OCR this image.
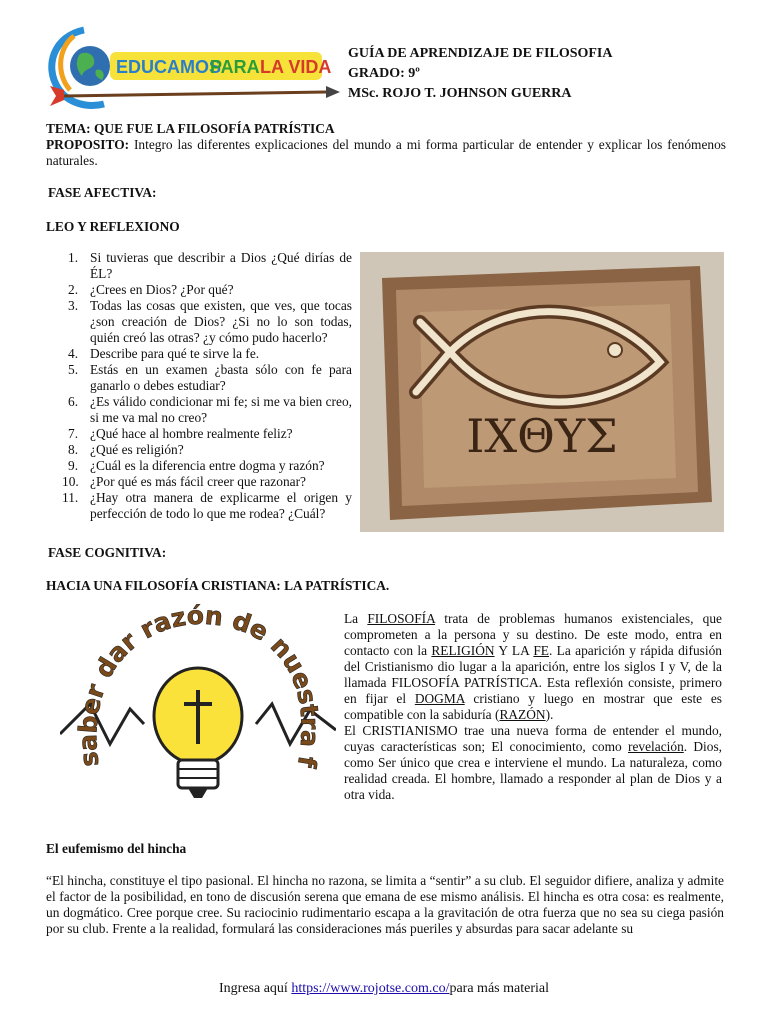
EDUCAMOS
PARA LA VIDA
GUÍA DE APRENDIZAJE DE FILOSOFIA
GRADO: 9º
MSc. ROJO T. JOHNSON GUERRA
TEMA: QUE FUE LA FILOSOFÍA PATRÍSTICA
PROPOSITO: Integro las diferentes explicaciones del mundo a mi forma particular de entender y explicar los fenómenos naturales.
FASE AFECTIVA:
LEO Y REFLEXIONO
1. Si tuvieras que describir a Dios ¿Qué dirías de ÉL?
2. ¿Crees en Dios? ¿Por qué?
3. Todas las cosas que existen, que ves, que tocas ¿son creación de Dios? ¿Si no lo son todas, quién creó las otras? ¿y cómo pudo hacerlo?
4. Describe para qué te sirve la fe.
5. Estás en un examen ¿basta sólo con fe para ganarlo o debes estudiar?
6. ¿Es válido condicionar mi fe; si me va bien creo, si me va mal no creo?
7. ¿Qué hace al hombre realmente feliz?
8. ¿Qué es religión?
9. ¿Cuál es la diferencia entre dogma y razón?
10. ¿Por qué es más fácil creer que razonar?
11. ¿Hay otra manera de explicarme el origen y perfección de todo lo que me rodea? ¿Cuál?
ΙΧΘΥΣ
FASE COGNITIVA:
HACIA UNA FILOSOFÍA CRISTIANA: LA PATRÍSTICA.
saber dar razón de nuestra f

La FILOSOFÍA trata de problemas humanos existenciales, que comprometen a la persona y su destino. De este modo, entra en contacto con la RELIGIÓN Y LA FE. La aparición y rápida difusión del Cristianismo dio lugar a la aparición, entre los siglos I y V, de la llamada FILOSOFÍA PATRÍSTICA. Esta reflexión consiste, primero en fijar el DOGMA cristiano y luego en mostrar que este es compatible con la sabiduría (RAZÓN).

El CRISTIANISMO trae una nueva forma de entender el mundo, cuyas características son; El conocimiento, como revelación. Dios, como Ser único que crea e interviene el mundo. La naturaleza, como realidad creada. El hombre, llamado a responder al plan de Dios y a otra vida.

El eufemismo del hincha
“El hincha, constituye el tipo pasional. El hincha no razona, se limita a “sentir” a su club. El seguidor difiere, analiza y admite el factor de la posibilidad, en tono de discusión serena que emana de ese mismo análisis. El hincha es otra cosa: es realmente, un dogmático. Cree porque cree. Su raciocinio rudimentario escapa a la gravitación de otra fuerza que no sea su ciega pasión por su club. Frente a la realidad, formulará las consideraciones más pueriles y absurdas para sacar adelante su
Ingresa aquí https://www.rojotse.com.co/para más material
